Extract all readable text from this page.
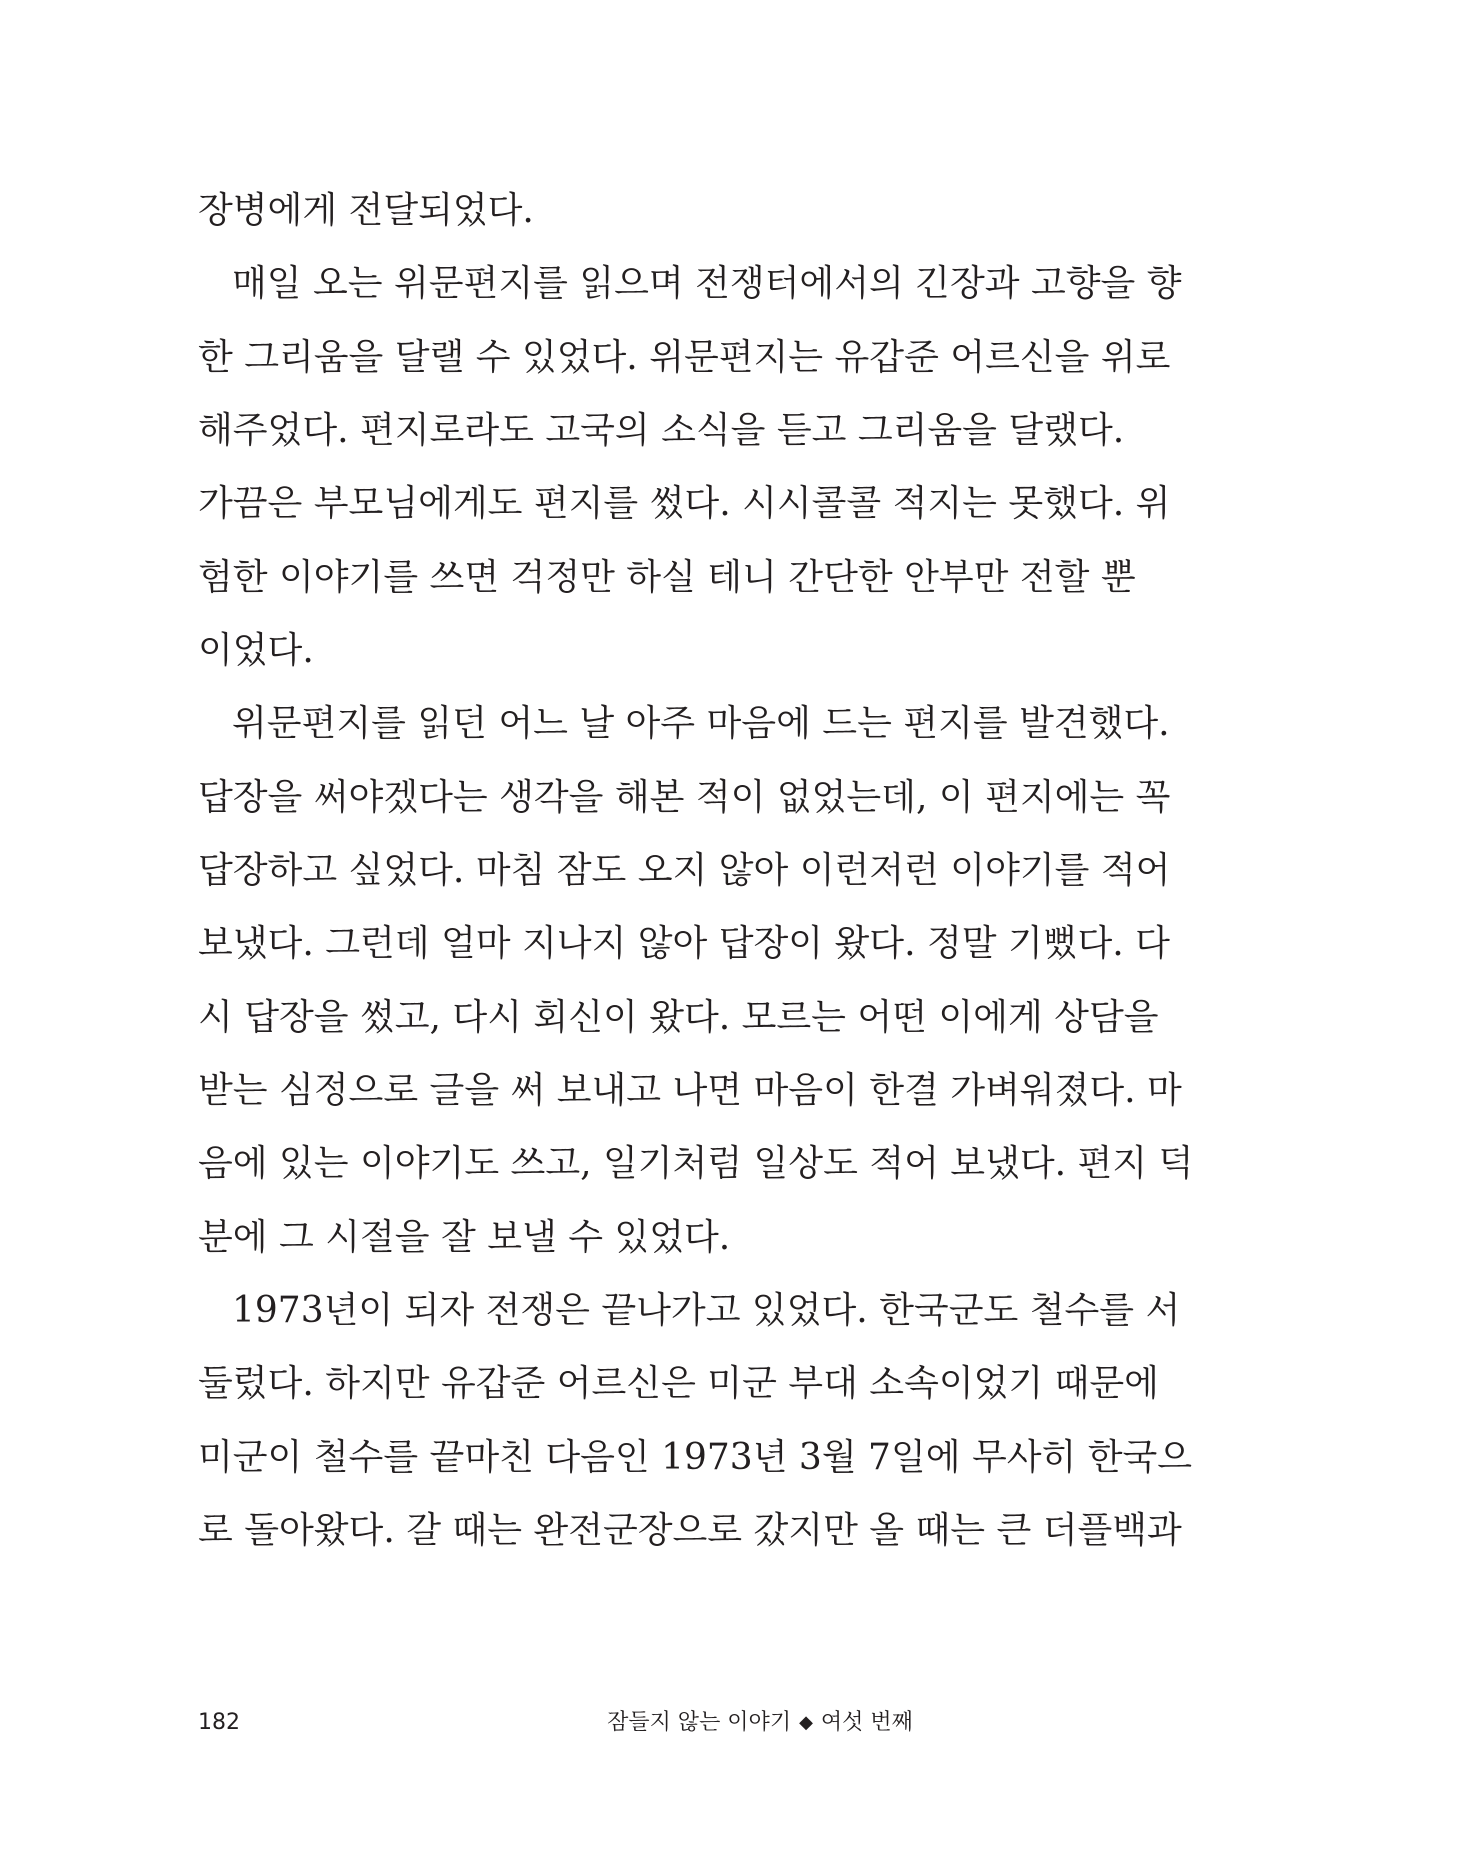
장병에게 전달되었다.
매일 오는 위문편지를 읽으며 전쟁터에서의 긴장과 고향을 향
한 그리움을 달랠 수 있었다. 위문편지는 유갑준 어르신을 위로
해주었다. 편지로라도 고국의 소식을 듣고 그리움을 달랬다.
가끔은 부모님에게도 편지를 썼다. 시시콜콜 적지는 못했다. 위
험한 이야기를 쓰면 걱정만 하실 테니 간단한 안부만 전할 뿐
이었다.
위문편지를 읽던 어느 날 아주 마음에 드는 편지를 발견했다.
답장을 써야겠다는 생각을 해본 적이 없었는데, 이 편지에는 꼭
답장하고 싶었다. 마침 잠도 오지 않아 이런저런 이야기를 적어
보냈다. 그런데 얼마 지나지 않아 답장이 왔다. 정말 기뻤다. 다
시 답장을 썼고, 다시 회신이 왔다. 모르는 어떤 이에게 상담을
받는 심정으로 글을 써 보내고 나면 마음이 한결 가벼워졌다. 마
음에 있는 이야기도 쓰고, 일기처럼 일상도 적어 보냈다. 편지 덕
분에 그 시절을 잘 보낼 수 있었다.
1973년이 되자 전쟁은 끝나가고 있었다. 한국군도 철수를 서
둘렀다. 하지만 유갑준 어르신은 미군 부대 소속이었기 때문에
미군이 철수를 끝마친 다음인 1973년 3월 7일에 무사히 한국으
로 돌아왔다. 갈 때는 완전군장으로 갔지만 올 때는 큰 더플백과
182	잠들지 않는 이야기 ◆ 여섯 번째
